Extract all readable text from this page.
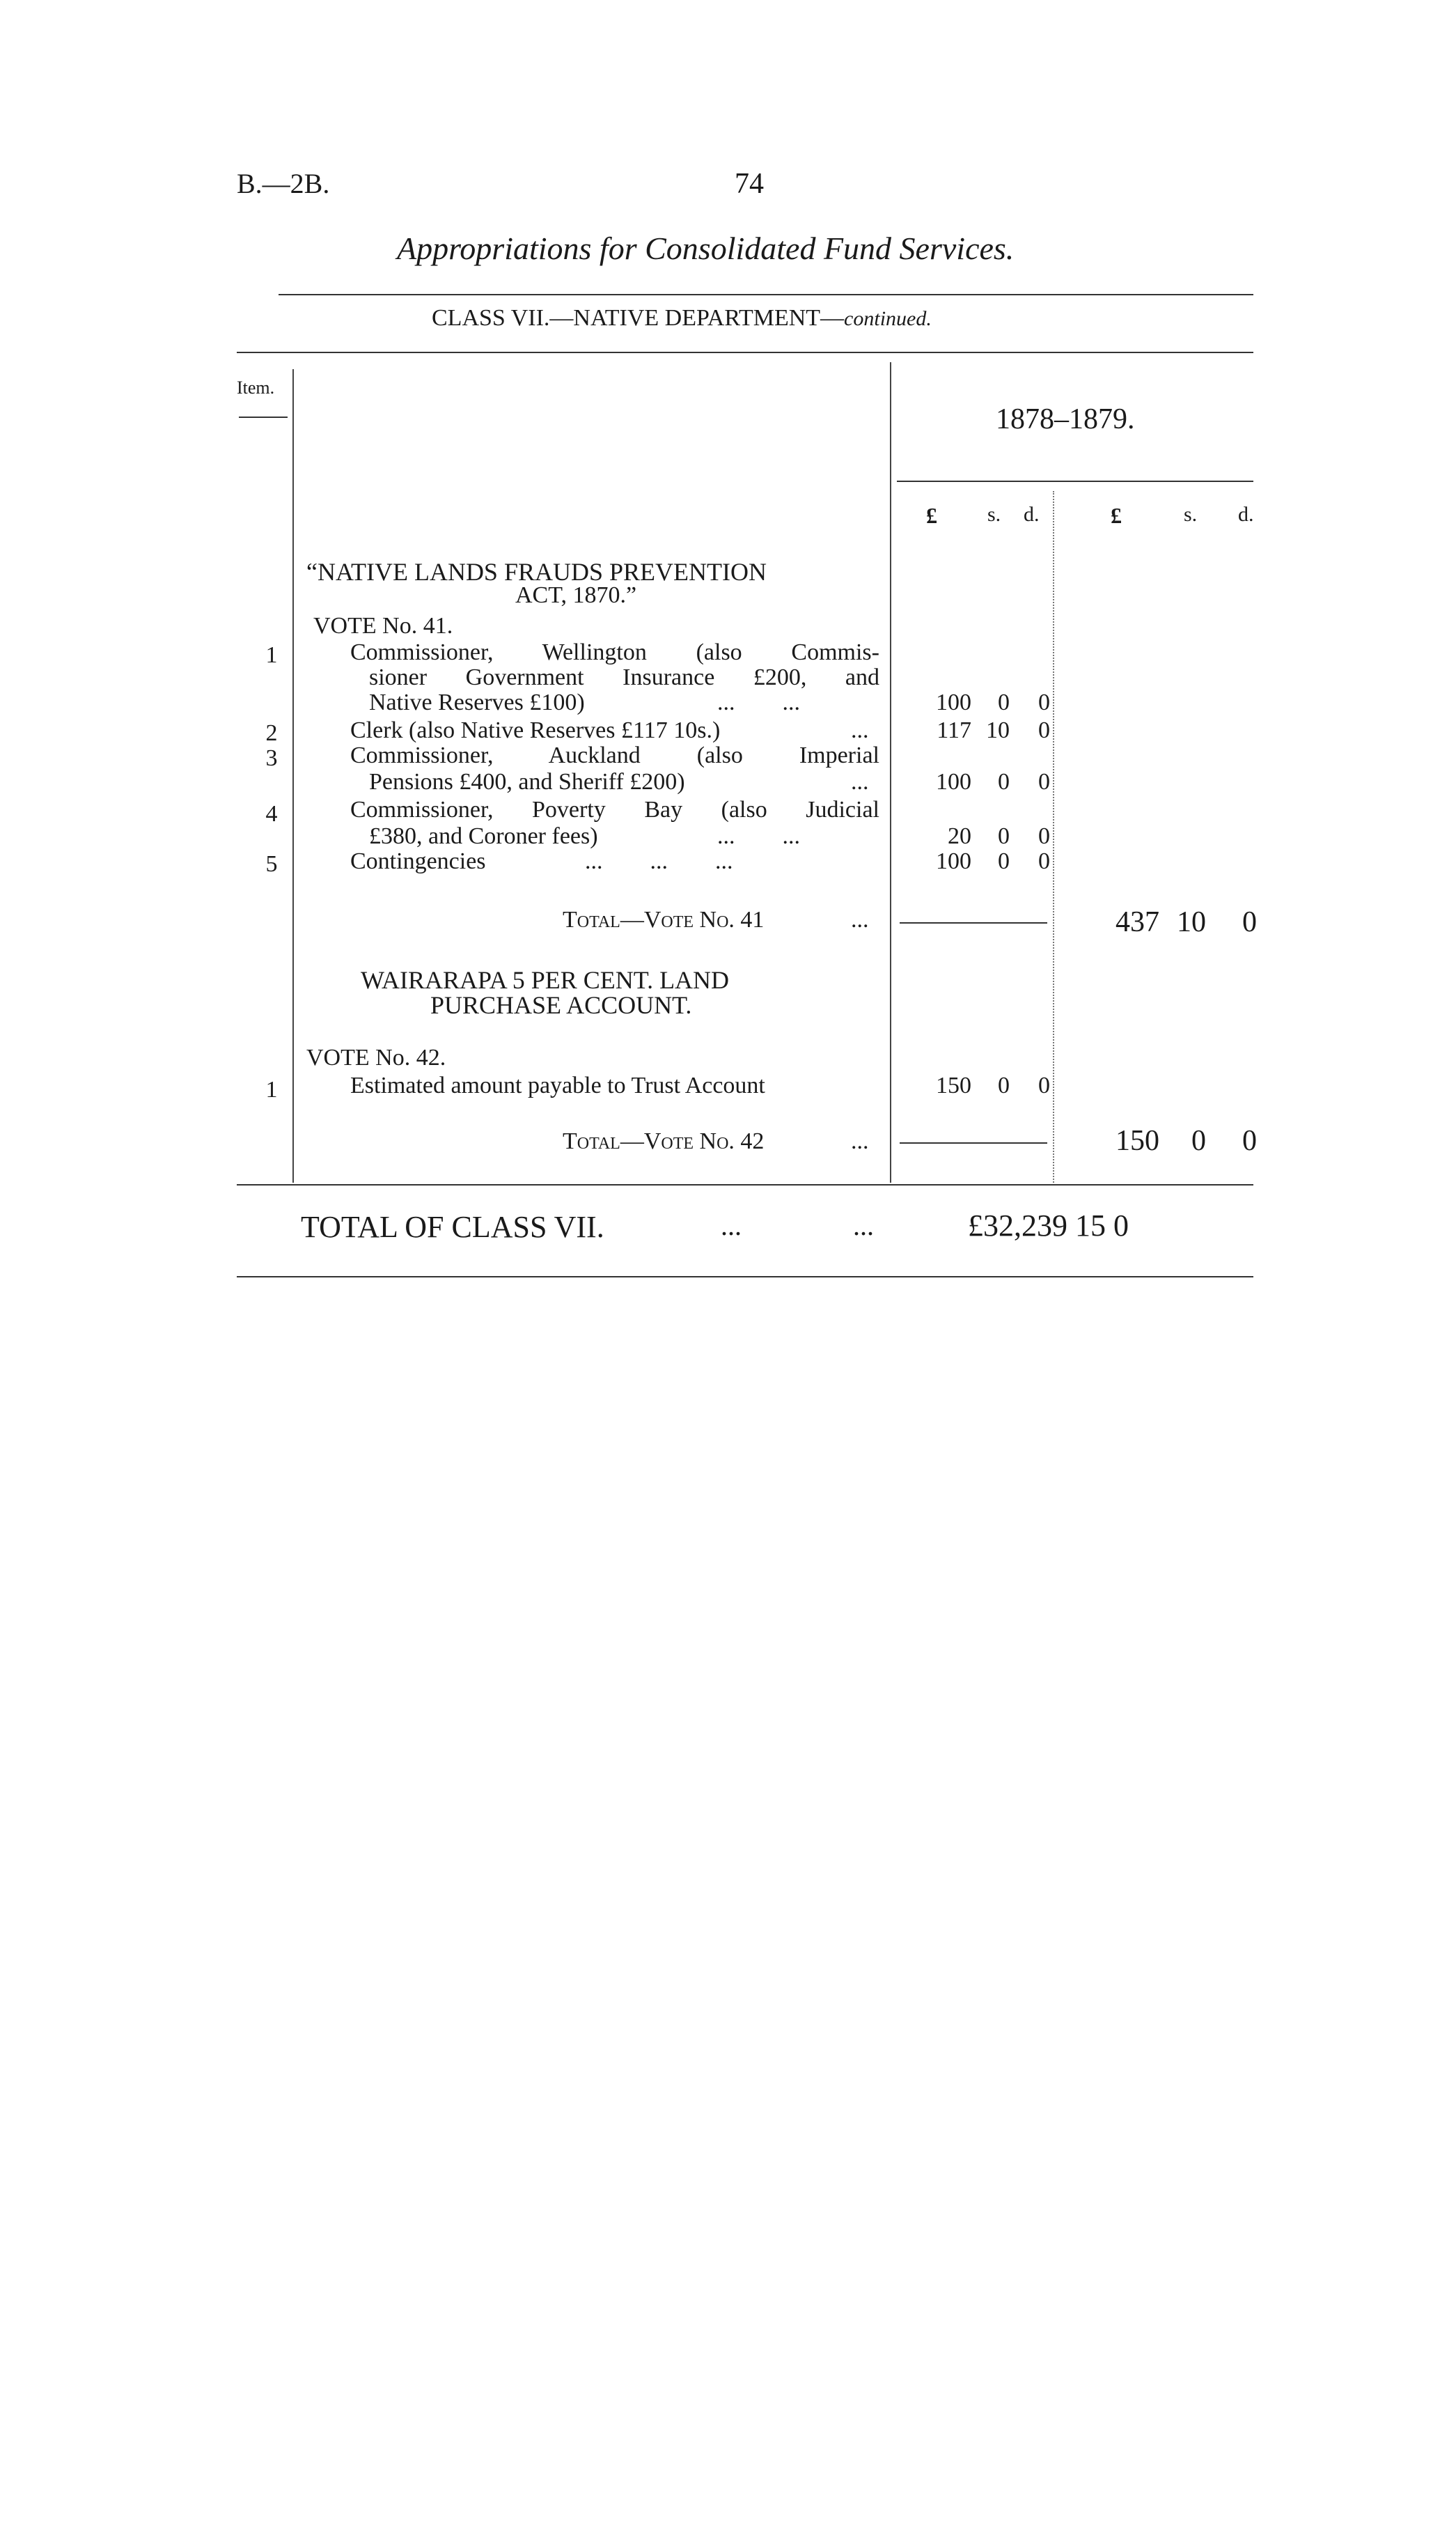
B.—2B.	74
Appropriations for Consolidated Fund Services.
CLASS VII.—NATIVE DEPARTMENT—continued.
Item.
1878–1879.
£ s. d.	£	s. d.
“NATIVE LANDS FRAUDS PREVENTION
ACT, 1870.”
VOTE No. 41.
1	Commissioner, Wellington (also Commis-
sioner Government Insurance £200, and
Native Reserves £100)	...        ...	100	0	0
2	Clerk (also Native Reserves £117 10s.)	...	117 10	0
3	Commissioner, Auckland (also Imperial
Pensions £400, and Sheriff £200)	...	100	0	0
4	Commissioner, Poverty Bay (also Judicial
£380, and Coroner fees)	...        ...	20	0	0
5	Contingencies	...        ...        ...	100	0	0
Total—Vote No. 41	...	437 10	0
WAIRARAPA 5 PER CENT. LAND
PURCHASE ACCOUNT.
VOTE No. 42.
1	Estimated amount payable to Trust Account	150	0	0
Total—Vote No. 42	...	150	0	0
TOTAL OF CLASS VII.	...	...	£32,239 15 0
